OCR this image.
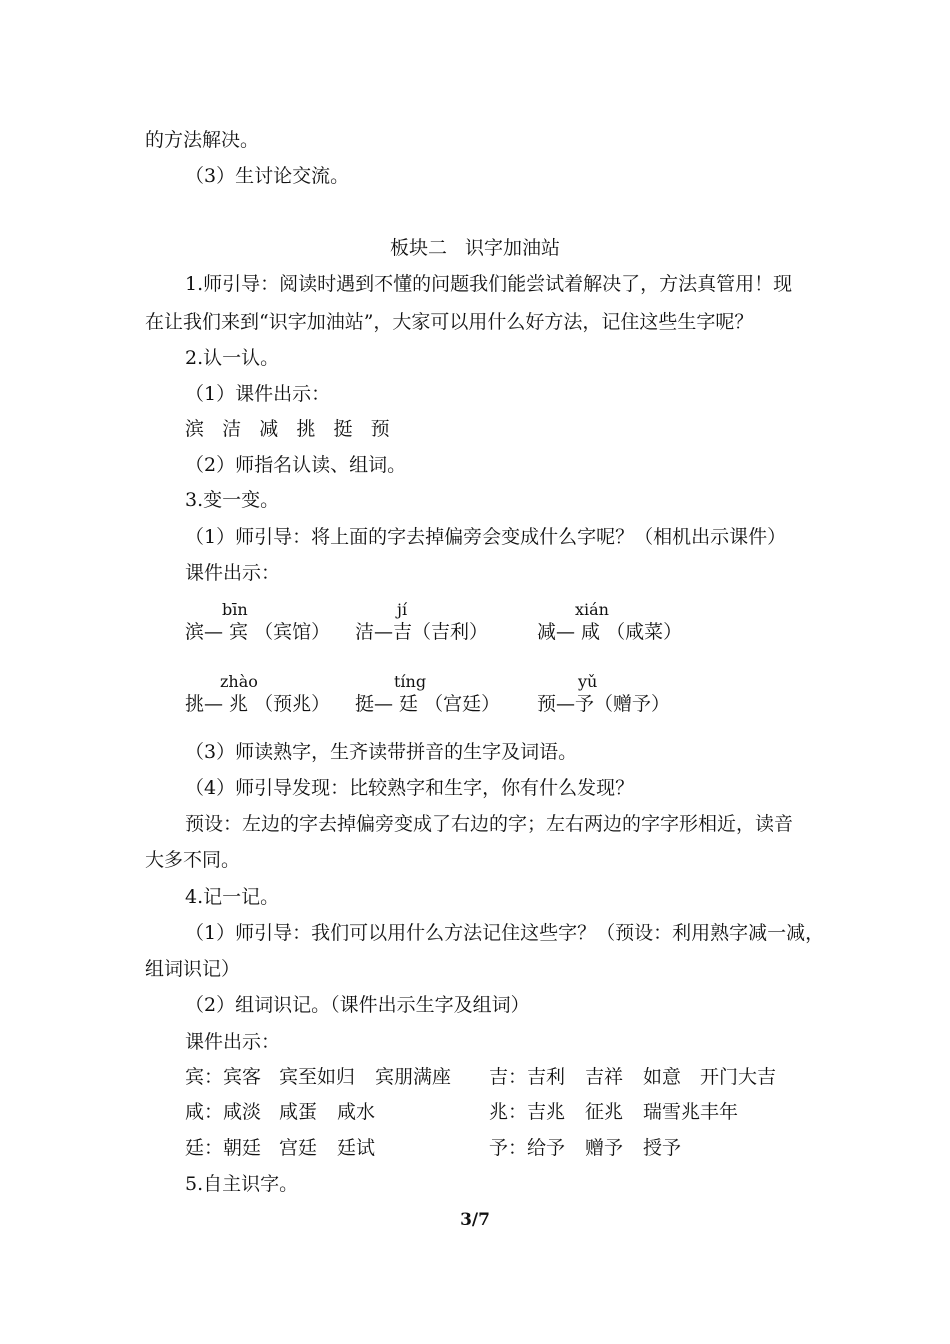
的方法解决。
（3）生讨论交流。
板块二   识字加油站
1.师引导：阅读时遇到不懂的问题我们能尝试着解决了，方法真管用！现
在让我们来到“识字加油站”，大家可以用什么好方法，记住这些生字呢？
2.认一认。
（1）课件出示：
滨   洁   减   挑   挺   预
（2）师指名认读、组词。
3.变一变。
（1）师引导：将上面的字去掉偏旁会变成什么字呢？（相机出示课件）
课件出示：
bīn
滨— 宾 （宾馆）
jí
洁—吉（吉利）
xián
减— 咸 （咸菜）
zhào
挑— 兆 （预兆）
tíng
挺— 廷 （宫廷）
yǔ
预—予（赠予）
（3）师读熟字，生齐读带拼音的生字及词语。
（4）师引导发现：比较熟字和生字，你有什么发现？
预设：左边的字去掉偏旁变成了右边的字；左右两边的字字形相近，读音
大多不同。
4.记一记。
（1）师引导：我们可以用什么方法记住这些字？（预设：利用熟字减一减，
组词识记）
（2）组词识记。（课件出示生字及组词）
课件出示：

宾：宾客

宾至如归

宾朋满座

吉：吉利

吉祥

如意

开门大吉

咸：咸淡

咸蛋

咸水

	兆：吉兆

征兆

瑞雪兆丰年

廷：朝廷

宫廷

廷试

	予：给予

赠予

授予

5.自主识字。
3/7
